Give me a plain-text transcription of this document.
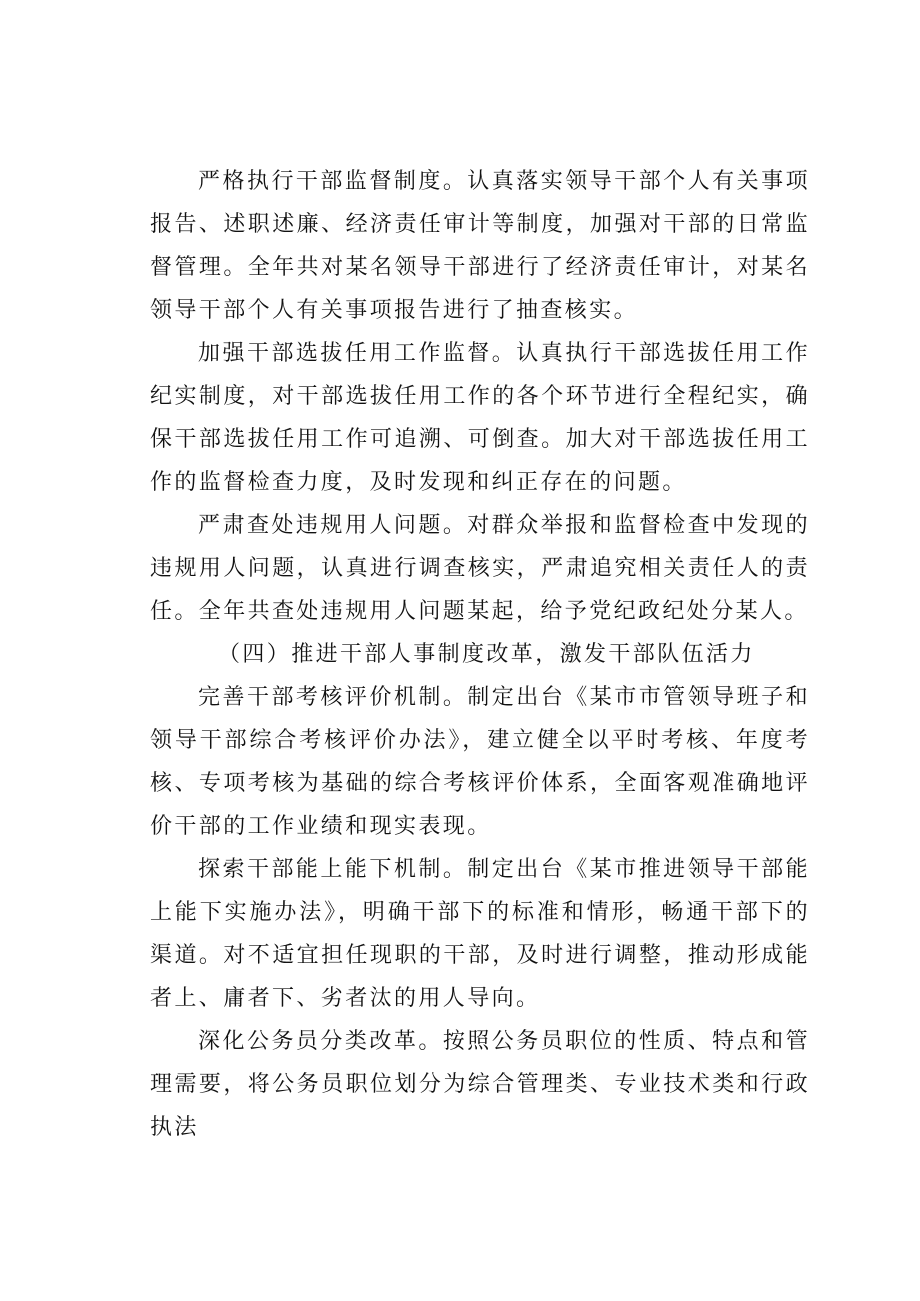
严格执行干部监督制度。认真落实领导干部个人有关事项报告、述职述廉、经济责任审计等制度，加强对干部的日常监督管理。全年共对某名领导干部进行了经济责任审计，对某名领导干部个人有关事项报告进行了抽查核实。

加强干部选拔任用工作监督。认真执行干部选拔任用工作纪实制度，对干部选拔任用工作的各个环节进行全程纪实，确保干部选拔任用工作可追溯、可倒查。加大对干部选拔任用工作的监督检查力度，及时发现和纠正存在的问题。

严肃查处违规用人问题。对群众举报和监督检查中发现的违规用人问题，认真进行调查核实，严肃追究相关责任人的责任。全年共查处违规用人问题某起，给予党纪政纪处分某人。

（四）推进干部人事制度改革，激发干部队伍活力

完善干部考核评价机制。制定出台《某市市管领导班子和领导干部综合考核评价办法》，建立健全以平时考核、年度考核、专项考核为基础的综合考核评价体系，全面客观准确地评价干部的工作业绩和现实表现。

探索干部能上能下机制。制定出台《某市推进领导干部能上能下实施办法》，明确干部下的标准和情形，畅通干部下的渠道。对不适宜担任现职的干部，及时进行调整，推动形成能者上、庸者下、劣者汰的用人导向。

深化公务员分类改革。按照公务员职位的性质、特点和管理需要，将公务员职位划分为综合管理类、专业技术类和行政执法
